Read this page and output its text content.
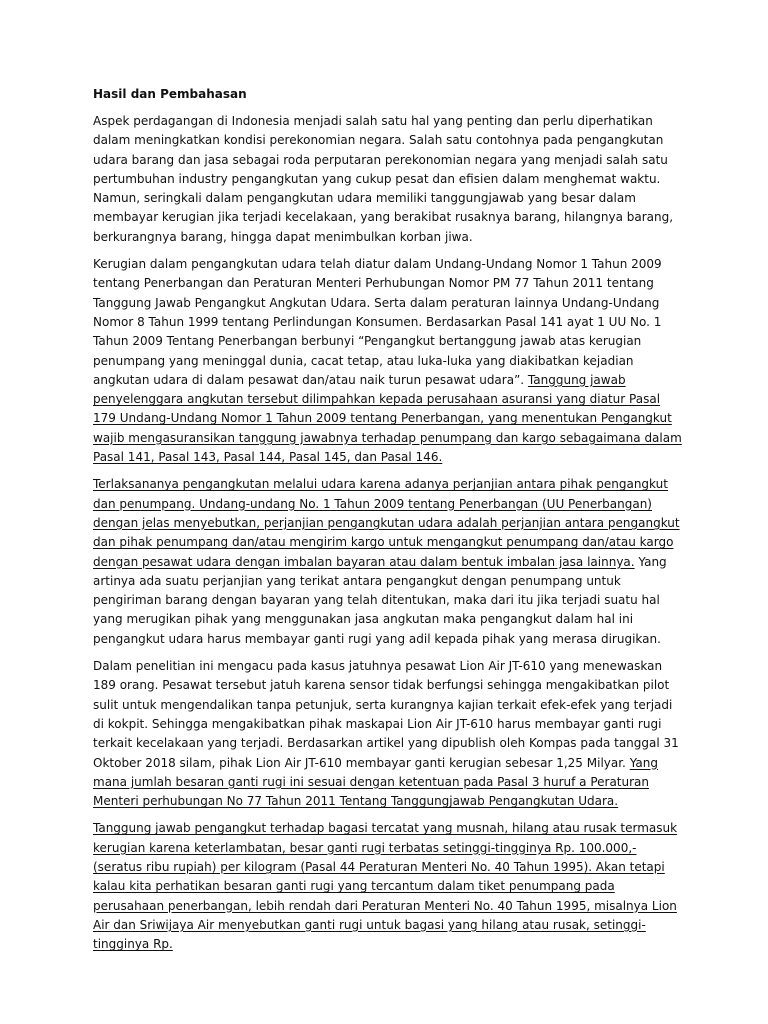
Hasil dan Pembahasan

Aspek perdagangan di Indonesia menjadi salah satu hal yang penting dan perlu diperhatikan dalam meningkatkan kondisi perekonomian negara. Salah satu contohnya pada pengangkutan udara barang dan jasa sebagai roda perputaran perekonomian negara yang menjadi salah satu pertumbuhan industry pengangkutan yang cukup pesat dan efisien dalam menghemat waktu. Namun, seringkali dalam pengangkutan udara memiliki tanggungjawab yang besar dalam membayar kerugian jika terjadi kecelakaan, yang berakibat rusaknya barang, hilangnya barang, berkurangnya barang, hingga dapat menimbulkan korban jiwa.

Kerugian dalam pengangkutan udara telah diatur dalam Undang-Undang Nomor 1 Tahun 2009 tentang Penerbangan dan Peraturan Menteri Perhubungan Nomor PM 77 Tahun 2011 tentang Tanggung Jawab Pengangkut Angkutan Udara. Serta dalam peraturan lainnya Undang-Undang Nomor 8 Tahun 1999 tentang Perlindungan Konsumen. Berdasarkan Pasal 141 ayat 1 UU No. 1 Tahun 2009 Tentang Penerbangan berbunyi “Pengangkut bertanggung jawab atas kerugian penumpang yang meninggal dunia, cacat tetap, atau luka-luka yang diakibatkan kejadian angkutan udara di dalam pesawat dan/atau naik turun pesawat udara”. Tanggung jawab penyelenggara angkutan tersebut dilimpahkan kepada perusahaan asuransi yang diatur Pasal 179 Undang-Undang Nomor 1 Tahun 2009 tentang Penerbangan, yang menentukan Pengangkut wajib mengasuransikan tanggung jawabnya terhadap penumpang dan kargo sebagaimana dalam Pasal 141, Pasal 143, Pasal 144, Pasal 145, dan Pasal 146.

Terlaksananya pengangkutan melalui udara karena adanya perjanjian antara pihak pengangkut dan penumpang. Undang-undang No. 1 Tahun 2009 tentang Penerbangan (UU Penerbangan) dengan jelas menyebutkan, perjanjian pengangkutan udara adalah perjanjian antara pengangkut dan pihak penumpang dan/atau mengirim kargo untuk mengangkut penumpang dan/atau kargo dengan pesawat udara dengan imbalan bayaran atau dalam bentuk imbalan jasa lainnya. Yang artinya ada suatu perjanjian yang terikat antara pengangkut dengan penumpang untuk pengiriman barang dengan bayaran yang telah ditentukan, maka dari itu jika terjadi suatu hal yang merugikan pihak yang menggunakan jasa angkutan maka pengangkut dalam hal ini pengangkut udara harus membayar ganti rugi yang adil kepada pihak yang merasa dirugikan.

Dalam penelitian ini mengacu pada kasus jatuhnya pesawat Lion Air JT-610 yang menewaskan 189 orang. Pesawat tersebut jatuh karena sensor tidak berfungsi sehingga mengakibatkan pilot sulit untuk mengendalikan tanpa petunjuk, serta kurangnya kajian terkait efek-efek yang terjadi di kokpit. Sehingga mengakibatkan pihak maskapai Lion Air JT-610 harus membayar ganti rugi terkait kecelakaan yang terjadi. Berdasarkan artikel yang dipublish oleh Kompas pada tanggal 31 Oktober 2018 silam, pihak Lion Air JT-610 membayar ganti kerugian sebesar 1,25 Milyar. Yang mana jumlah besaran ganti rugi ini sesuai dengan ketentuan pada Pasal 3 huruf a Peraturan Menteri perhubungan No 77 Tahun 2011 Tentang Tanggungjawab Pengangkutan Udara.

Tanggung jawab pengangkut terhadap bagasi tercatat yang musnah, hilang atau rusak termasuk kerugian karena keterlambatan, besar ganti rugi terbatas setinggi-tingginya Rp. 100.000,- (seratus ribu rupiah) per kilogram (Pasal 44 Peraturan Menteri No. 40 Tahun 1995). Akan tetapi kalau kita perhatikan besaran ganti rugi yang tercantum dalam tiket penumpang pada perusahaan penerbangan, lebih rendah dari Peraturan Menteri No. 40 Tahun 1995, misalnya Lion Air dan Sriwijaya Air menyebutkan ganti rugi untuk bagasi yang hilang atau rusak, setinggi-tingginya Rp.
